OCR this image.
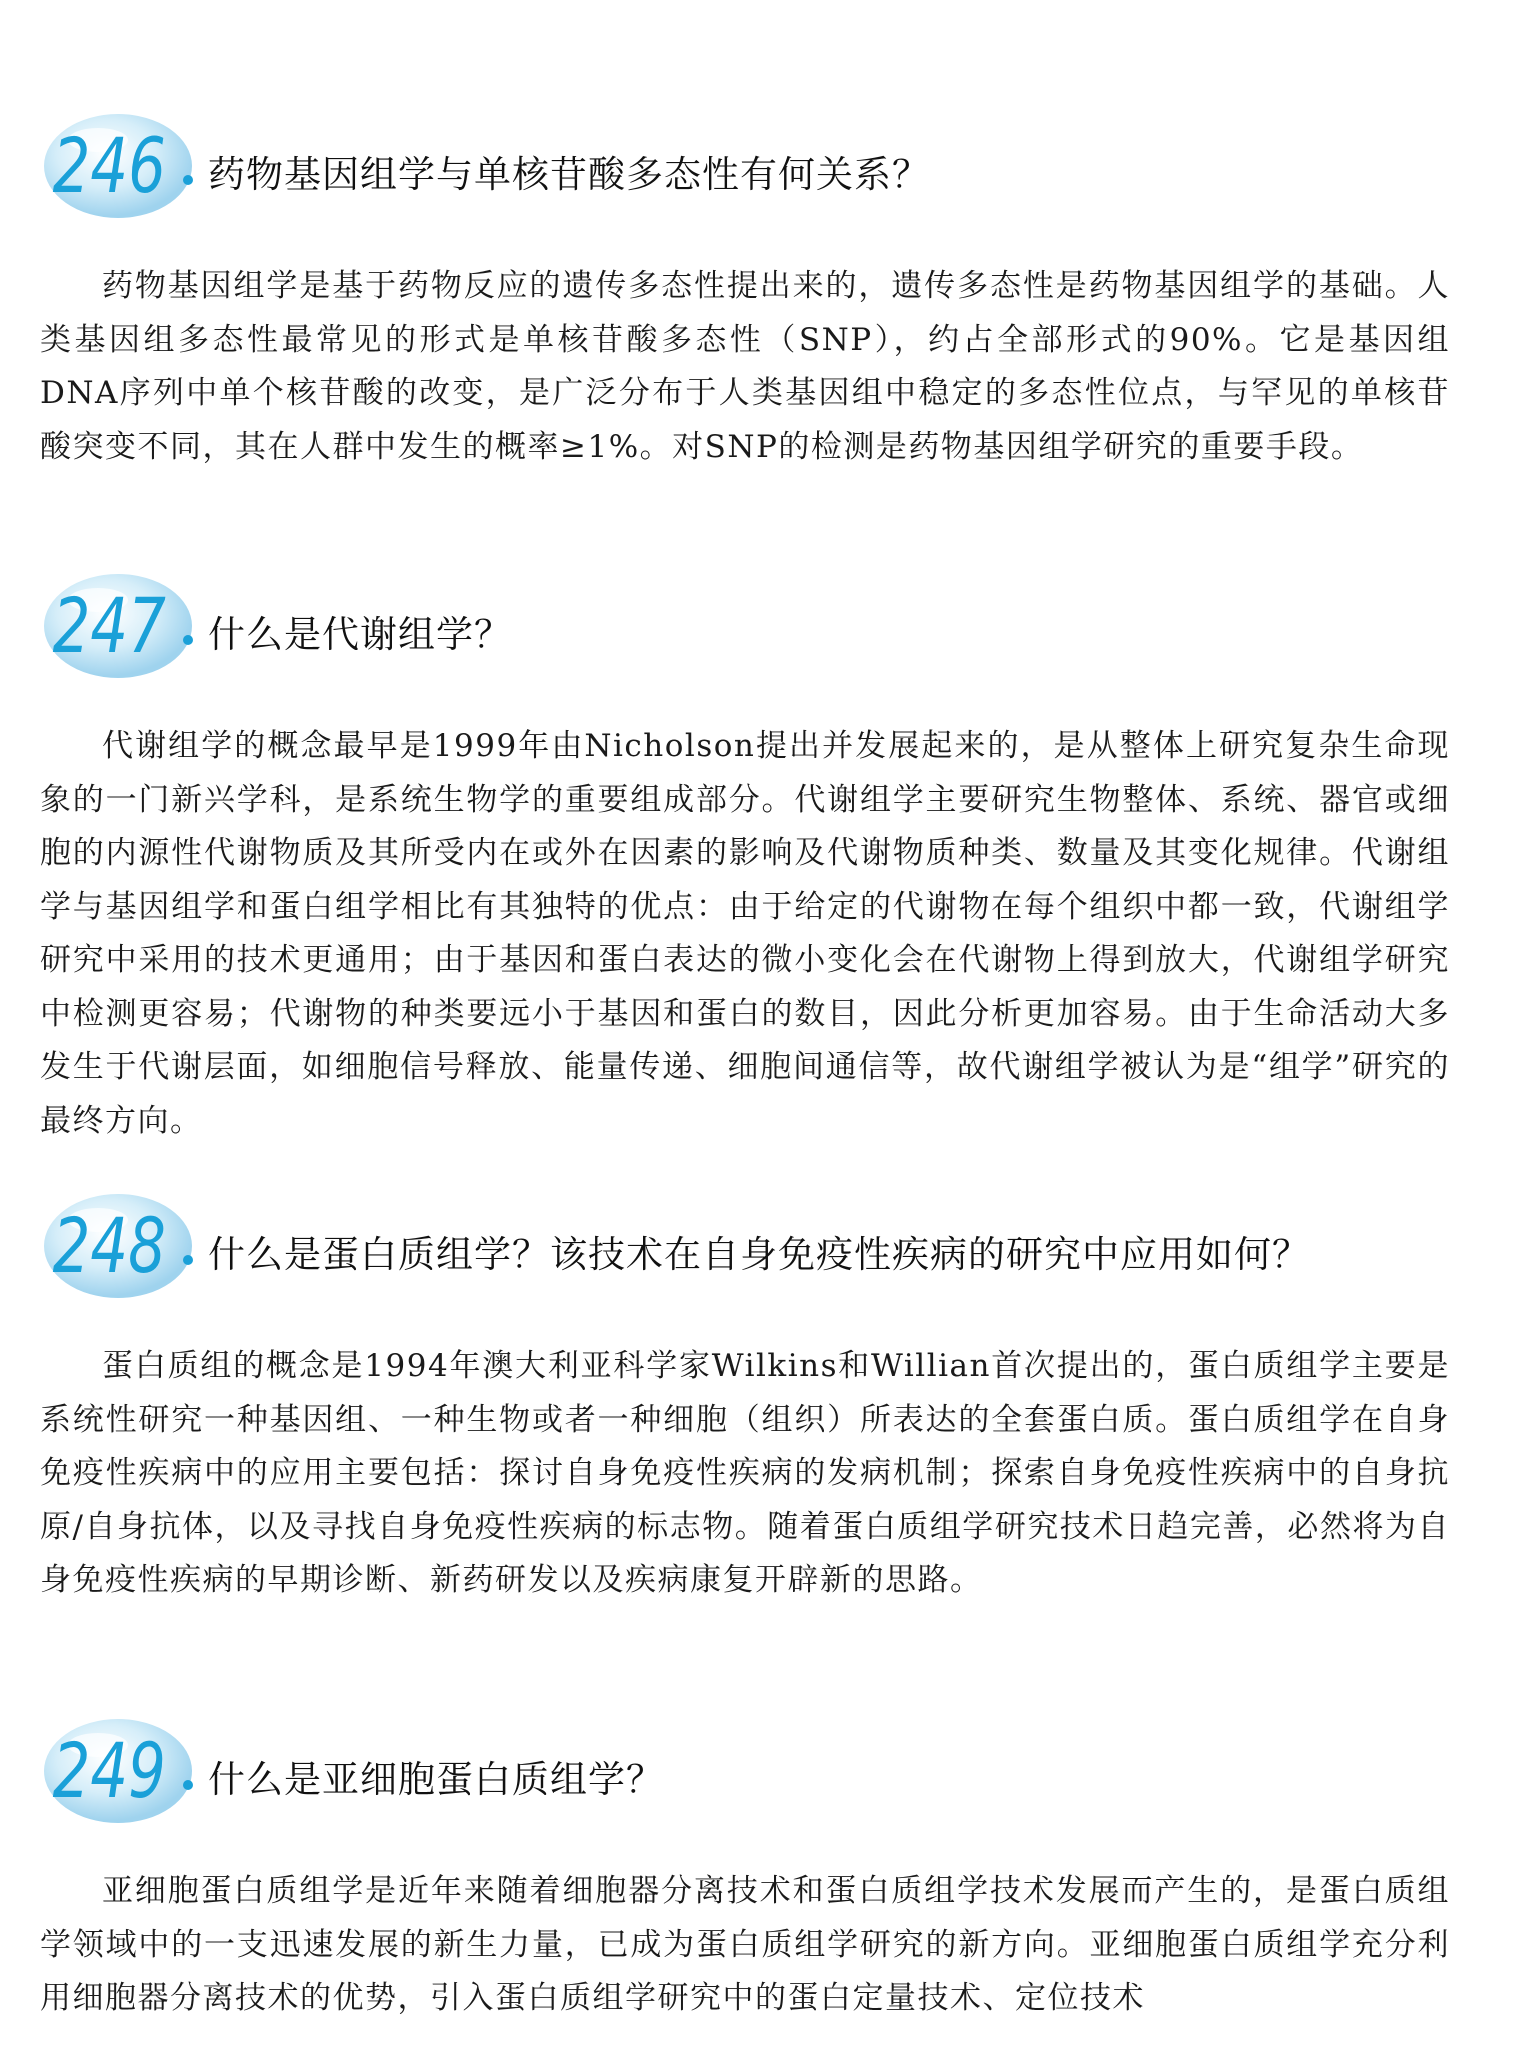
246 药物基因组学与单核苷酸多态性有何关系？

药物基因组学是基于药物反应的遗传多态性提出来的，遗传多态性是药物基因组学的基础。人类基因组多态性最常见的形式是单核苷酸多态性（SNP），约占全部形式的90%。它是基因组DNA序列中单个核苷酸的改变，是广泛分布于人类基因组中稳定的多态性位点，与罕见的单核苷酸突变不同，其在人群中发生的概率≥1%。对SNP的检测是药物基因组学研究的重要手段。

247 什么是代谢组学？

代谢组学的概念最早是1999年由Nicholson提出并发展起来的，是从整体上研究复杂生命现象的一门新兴学科，是系统生物学的重要组成部分。代谢组学主要研究生物整体、系统、器官或细胞的内源性代谢物质及其所受内在或外在因素的影响及代谢物质种类、数量及其变化规律。代谢组学与基因组学和蛋白组学相比有其独特的优点：由于给定的代谢物在每个组织中都一致，代谢组学研究中采用的技术更通用；由于基因和蛋白表达的微小变化会在代谢物上得到放大，代谢组学研究中检测更容易；代谢物的种类要远小于基因和蛋白的数目，因此分析更加容易。由于生命活动大多发生于代谢层面，如细胞信号释放、能量传递、细胞间通信等，故代谢组学被认为是“组学”研究的最终方向。

248 什么是蛋白质组学？该技术在自身免疫性疾病的研究中应用如何？

蛋白质组的概念是1994年澳大利亚科学家Wilkins和Willian首次提出的，蛋白质组学主要是系统性研究一种基因组、一种生物或者一种细胞（组织）所表达的全套蛋白质。蛋白质组学在自身免疫性疾病中的应用主要包括：探讨自身免疫性疾病的发病机制；探索自身免疫性疾病中的自身抗原/自身抗体，以及寻找自身免疫性疾病的标志物。随着蛋白质组学研究技术日趋完善，必然将为自身免疫性疾病的早期诊断、新药研发以及疾病康复开辟新的思路。

249 什么是亚细胞蛋白质组学？

亚细胞蛋白质组学是近年来随着细胞器分离技术和蛋白质组学技术发展而产生的，是蛋白质组学领域中的一支迅速发展的新生力量，已成为蛋白质组学研究的新方向。亚细胞蛋白质组学充分利用细胞器分离技术的优势，引入蛋白质组学研究中的蛋白定量技术、定位技术
